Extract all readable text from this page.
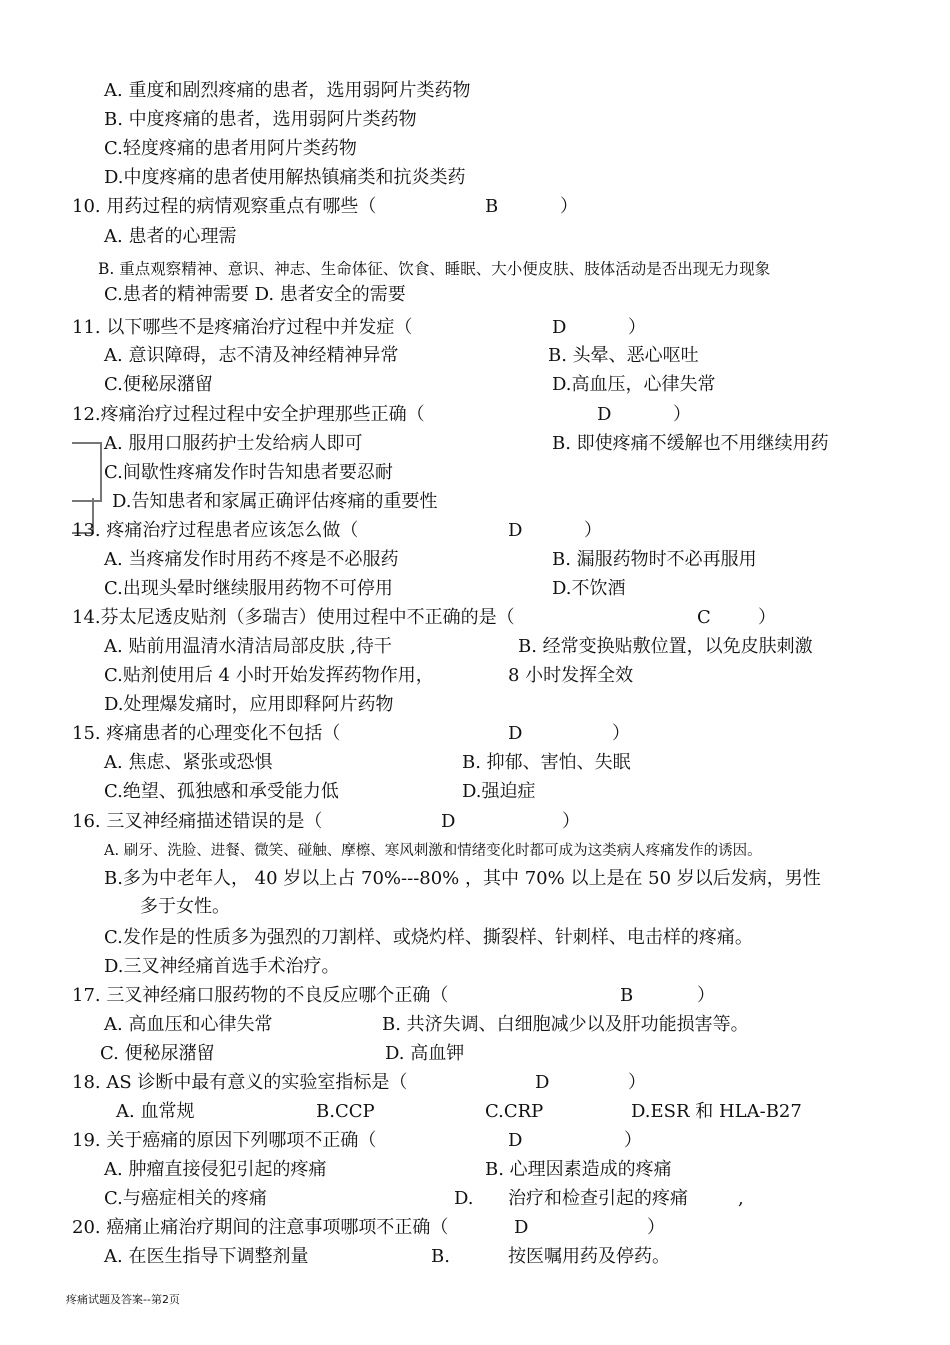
A. 重度和剧烈疼痛的患者，选用弱阿片类药物
B. 中度疼痛的患者，选用弱阿片类药物
C.轻度疼痛的患者用阿片类药物
D.中度疼痛的患者使用解热镇痛类和抗炎类药
10. 用药过程的病情观察重点有哪些（	B	）
A. 患者的心理需
B. 重点观察精神、意识、神志、生命体征、饮食、睡眠、大小便皮肤、肢体活动是否出现无力现象
C.患者的精神需要 D. 患者安全的需要
11. 以下哪些不是疼痛治疗过程中并发症（	D	）
A. 意识障碍，志不清及神经精神异常	B. 头晕、恶心呕吐
C.便秘尿潴留	D.高血压，心律失常
12.疼痛治疗过程过程中安全护理那些正确（	D	）
A. 服用口服药护士发给病人即可	B. 即使疼痛不缓解也不用继续用药
C.间歇性疼痛发作时告知患者要忍耐
D.告知患者和家属正确评估疼痛的重要性
13. 疼痛治疗过程患者应该怎么做（	D	）
A. 当疼痛发作时用药不疼是不必服药	B. 漏服药物时不必再服用
C.出现头晕时继续服用药物不可停用	D.不饮酒
14.芬太尼透皮贴剂（多瑞吉）使用过程中不正确的是（	C	）
A. 贴前用温清水清洁局部皮肤 ,待干	B. 经常变换贴敷位置，以免皮肤刺激
C.贴剂使用后 4 小时开始发挥药物作用，	8 小时发挥全效
D.处理爆发痛时，应用即释阿片药物
15. 疼痛患者的心理变化不包括（	D	）
A. 焦虑、紧张或恐惧	B. 抑郁、害怕、失眠
C.绝望、孤独感和承受能力低	D.强迫症
16. 三叉神经痛描述错误的是（	D	）
A. 刷牙、洗脸、进餐、微笑、碰触、摩檫、寒风刺激和情绪变化时都可成为这类病人疼痛发作的诱因。
B.多为中老年人， 40 岁以上占 70%---80% ，其中 70% 以上是在 50 岁以后发病，男性
多于女性。
C.发作是的性质多为强烈的刀割样、或烧灼样、撕裂样、针刺样、电击样的疼痛。
D.三叉神经痛首选手术治疗。
17. 三叉神经痛口服药物的不良反应哪个正确（	B	）
A. 高血压和心律失常	B. 共济失调、白细胞减少以及肝功能损害等。
C. 便秘尿潴留	D. 高血钾
18. AS 诊断中最有意义的实验室指标是（	D	）
A. 血常规	B.CCP	C.CRP	D.ESR 和 HLA-B27
19. 关于癌痛的原因下列哪项不正确（	D	）
A. 肿瘤直接侵犯引起的疼痛	B. 心理因素造成的疼痛
C.与癌症相关的疼痛	D. 治疗和检查引起的疼痛	,
20. 癌痛止痛治疗期间的注意事项哪项不正确（	D	）
A. 在医生指导下调整剂量	B.	按医嘱用药及停药。
疼痛试题及答案--第2页
